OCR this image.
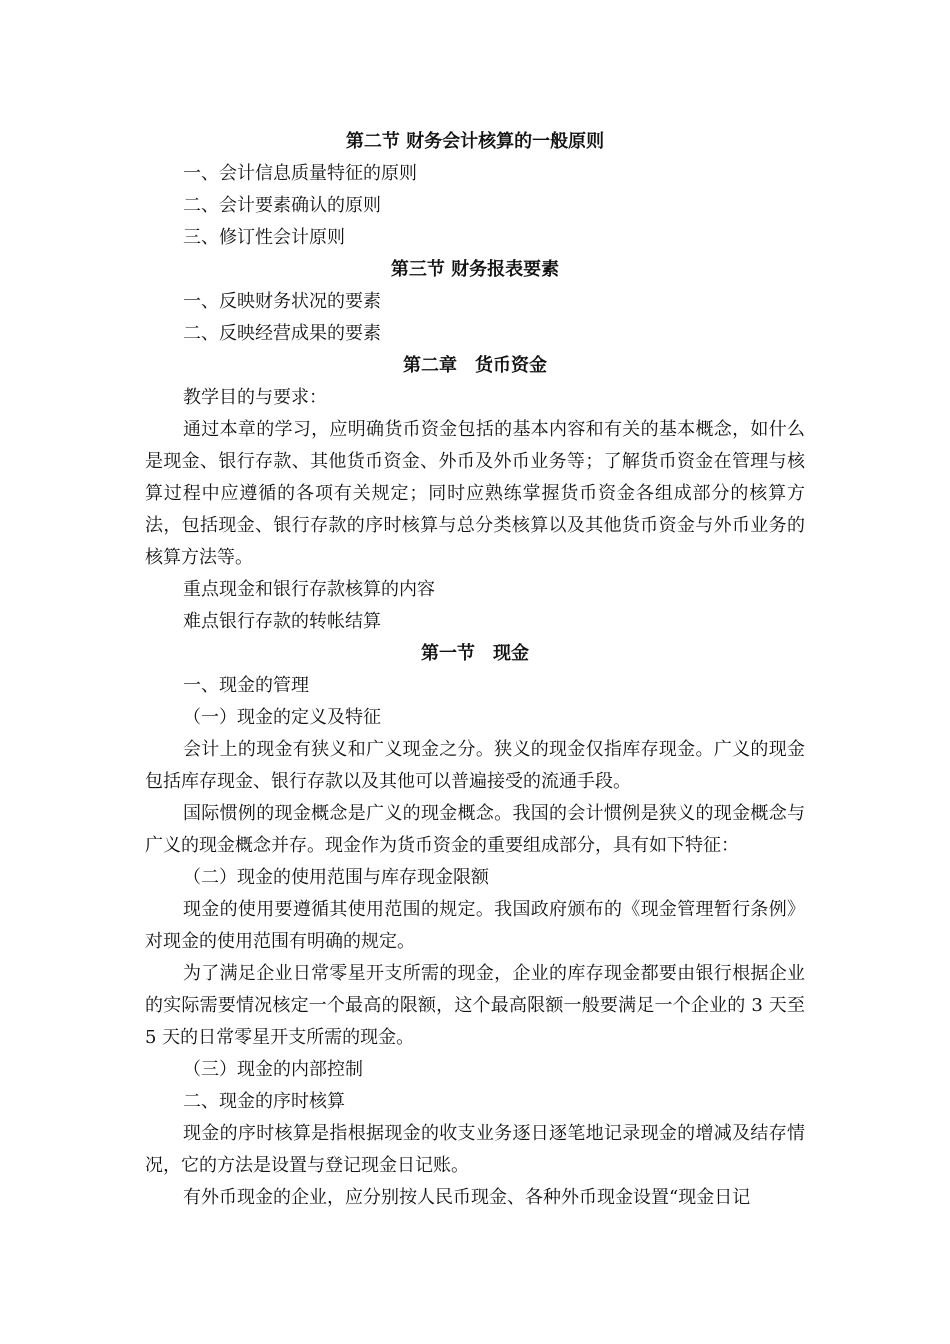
第二节 财务会计核算的一般原则
一、会计信息质量特征的原则
二、会计要素确认的原则
三、修订性会计原则
第三节 财务报表要素
一、反映财务状况的要素
二、反映经营成果的要素
第二章　货币资金
教学目的与要求：
通过本章的学习，应明确货币资金包括的基本内容和有关的基本概念，如什么是现金、银行存款、其他货币资金、外币及外币业务等；了解货币资金在管理与核算过程中应遵循的各项有关规定；同时应熟练掌握货币资金各组成部分的核算方法，包括现金、银行存款的序时核算与总分类核算以及其他货币资金与外币业务的核算方法等。
重点现金和银行存款核算的内容
难点银行存款的转帐结算
第一节　现金
一、现金的管理
（一）现金的定义及特征
会计上的现金有狭义和广义现金之分。狭义的现金仅指库存现金。广义的现金包括库存现金、银行存款以及其他可以普遍接受的流通手段。
国际惯例的现金概念是广义的现金概念。我国的会计惯例是狭义的现金概念与广义的现金概念并存。现金作为货币资金的重要组成部分，具有如下特征：
（二）现金的使用范围与库存现金限额
现金的使用要遵循其使用范围的规定。我国政府颁布的《现金管理暂行条例》对现金的使用范围有明确的规定。
为了满足企业日常零星开支所需的现金，企业的库存现金都要由银行根据企业的实际需要情况核定一个最高的限额，这个最高限额一般要满足一个企业的 3 天至 5 天的日常零星开支所需的现金。
（三）现金的内部控制
二、现金的序时核算
现金的序时核算是指根据现金的收支业务逐日逐笔地记录现金的增减及结存情况，它的方法是设置与登记现金日记账。
有外币现金的企业，应分别按人民币现金、各种外币现金设置“现金日记
